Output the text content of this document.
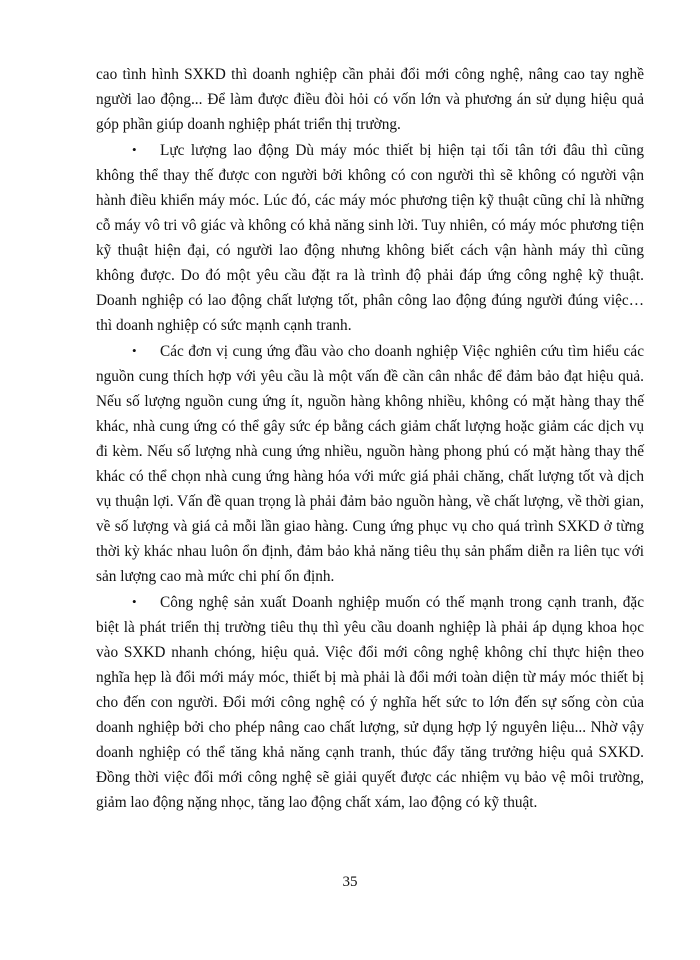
cao tình hình SXKD thì doanh nghiệp cần phải đổi mới công nghệ, nâng cao tay nghề người lao động... Để làm được điều đòi hỏi có vốn lớn và phương án sử dụng hiệu quả góp phần giúp doanh nghiệp phát triển thị trường.

• Lực lượng lao động Dù máy móc thiết bị hiện tại tối tân tới đâu thì cũng không thể thay thế được con người bởi không có con người thì sẽ không có người vận hành điều khiển máy móc. Lúc đó, các máy móc phương tiện kỹ thuật cũng chỉ là những cỗ máy vô tri vô giác và không có khả năng sinh lời. Tuy nhiên, có máy móc phương tiện kỹ thuật hiện đại, có người lao động nhưng không biết cách vận hành máy thì cũng không được. Do đó một yêu cầu đặt ra là trình độ phải đáp ứng công nghệ kỹ thuật. Doanh nghiệp có lao động chất lượng tốt, phân công lao động đúng người đúng việc… thì doanh nghiệp có sức mạnh cạnh tranh.

• Các đơn vị cung ứng đầu vào cho doanh nghiệp Việc nghiên cứu tìm hiểu các nguồn cung thích hợp với yêu cầu là một vấn đề cần cân nhắc để đảm bảo đạt hiệu quả. Nếu số lượng nguồn cung ứng ít, nguồn hàng không nhiều, không có mặt hàng thay thế khác, nhà cung ứng có thể gây sức ép bằng cách giảm chất lượng hoặc giảm các dịch vụ đi kèm. Nếu số lượng nhà cung ứng nhiều, nguồn hàng phong phú có mặt hàng thay thế khác có thể chọn nhà cung ứng hàng hóa với mức giá phải chăng, chất lượng tốt và dịch vụ thuận lợi. Vấn đề quan trọng là phải đảm bảo nguồn hàng, về chất lượng, về thời gian, về số lượng và giá cả mỗi lần giao hàng. Cung ứng phục vụ cho quá trình SXKD ở từng thời kỳ khác nhau luôn ổn định, đảm bảo khả năng tiêu thụ sản phẩm diễn ra liên tục với sản lượng cao mà mức chi phí ổn định.

• Công nghệ sản xuất Doanh nghiệp muốn có thế mạnh trong cạnh tranh, đặc biệt là phát triển thị trường tiêu thụ thì yêu cầu doanh nghiệp là phải áp dụng khoa học vào SXKD nhanh chóng, hiệu quả. Việc đổi mới công nghệ không chỉ thực hiện theo nghĩa hẹp là đổi mới máy móc, thiết bị mà phải là đổi mới toàn diện từ máy móc thiết bị cho đến con người. Đổi mới công nghệ có ý nghĩa hết sức to lớn đến sự sống còn của doanh nghiệp bởi cho phép nâng cao chất lượng, sử dụng hợp lý nguyên liệu... Nhờ vậy doanh nghiệp có thể tăng khả năng cạnh tranh, thúc đẩy tăng trưởng hiệu quả SXKD. Đồng thời việc đổi mới công nghệ sẽ giải quyết được các nhiệm vụ bảo vệ môi trường, giảm lao động nặng nhọc, tăng lao động chất xám, lao động có kỹ thuật.

35
